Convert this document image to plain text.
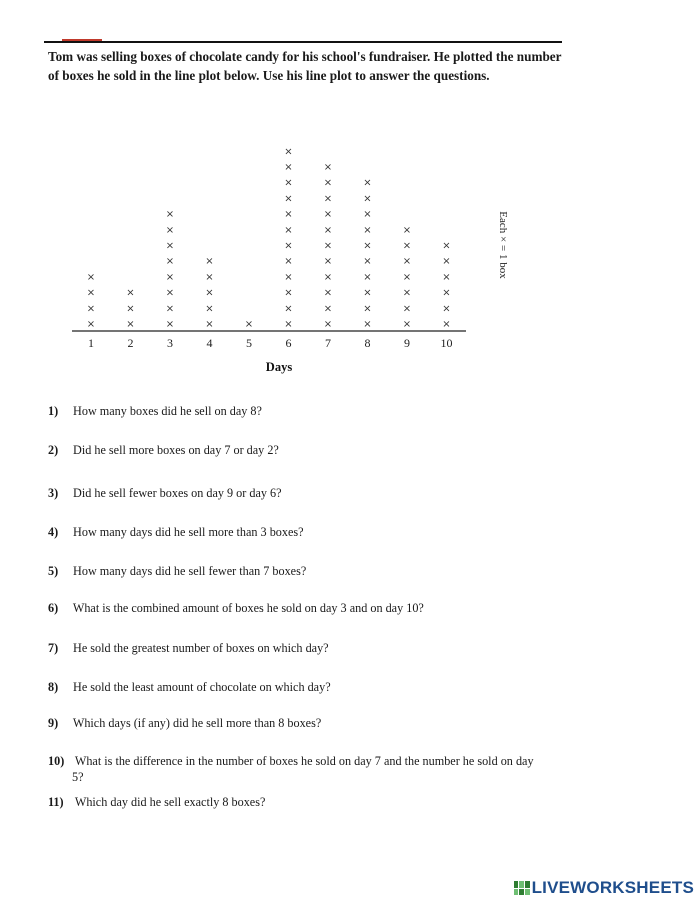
Tom was selling boxes of chocolate candy for his school's fundraiser. He plotted the number of boxes he sold in the line plot below. Use his line plot to answer the questions.

1
×
×
×
×
2
×
×
×
3
×
×
×
×
×
×
×
×
4
×
×
×
×
×
5
×
6
×
×
×
×
×
×
×
×
×
×
×
×
7
×
×
×
×
×
×
×
×
×
×
×
8
×
×
×
×
×
×
×
×
×
×
9
×
×
×
×
×
×
×
10
×
×
×
×
×
×
Days
Each × = 1 box
1) How many boxes did he sell on day 8?
2) Did he sell more boxes on day 7 or day 2?
3) Did he sell fewer boxes on day 9 or day 6?
4) How many days did he sell more than 3 boxes?
5) How many days did he sell fewer than 7 boxes?
6) What is the combined amount of boxes he sold on day 3 and on day 10?
7) He sold the greatest number of boxes on which day?
8) He sold the least amount of chocolate on which day?
9) Which days (if any) did he sell more than 8 boxes?
10) What is the difference in the number of boxes he sold on day 7 and the number he sold on day
5?
11) Which day did he sell exactly 8 boxes?
LIVEWORKSHEETS
